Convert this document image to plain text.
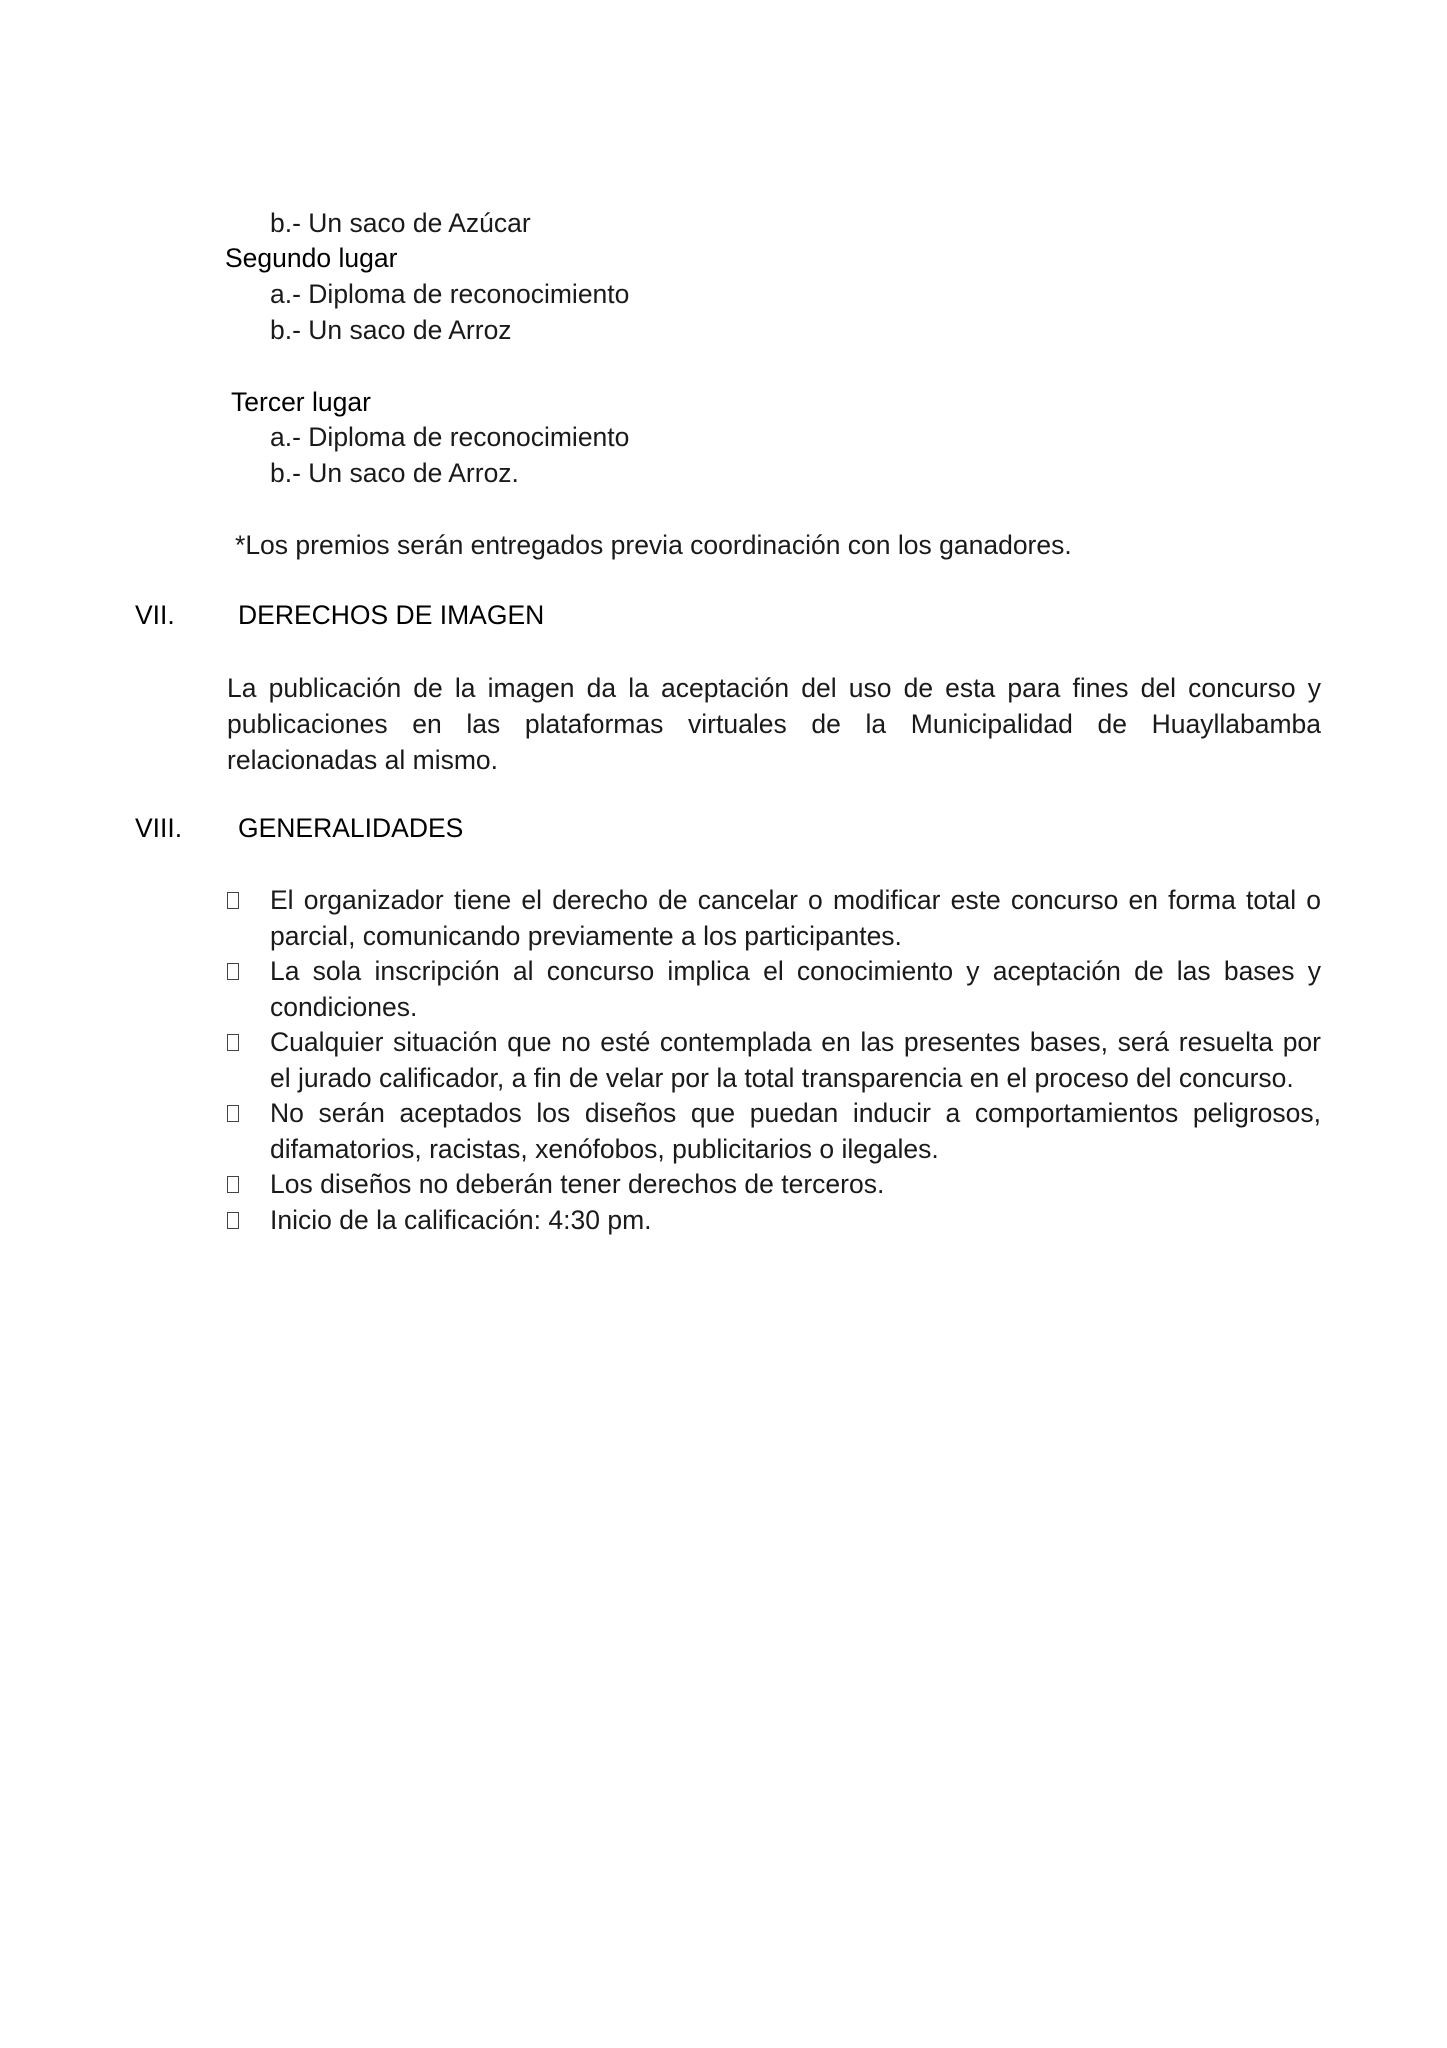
b.- Un saco de Azúcar
Segundo lugar
a.- Diploma de reconocimiento
b.- Un saco de Arroz
Tercer lugar
a.- Diploma de reconocimiento
b.- Un saco de Arroz.
*Los premios serán entregados previa coordinación con los ganadores.
VII. DERECHOS DE IMAGEN
La publicación de la imagen da la aceptación del uso de esta para fines del concurso y publicaciones en las plataformas virtuales de la Municipalidad de Huayllabamba relacionadas al mismo.
VIII. GENERALIDADES
El organizador tiene el derecho de cancelar o modificar este concurso en forma total o parcial, comunicando previamente a los participantes.
La sola inscripción al concurso implica el conocimiento y aceptación de las bases y condiciones.
Cualquier situación que no esté contemplada en las presentes bases, será resuelta por el jurado calificador, a fin de velar por la total transparencia en el proceso del concurso.
No serán aceptados los diseños que puedan inducir a comportamientos peligrosos, difamatorios, racistas, xenófobos, publicitarios o ilegales.
Los diseños no deberán tener derechos de terceros.
Inicio de la calificación: 4:30 pm.
